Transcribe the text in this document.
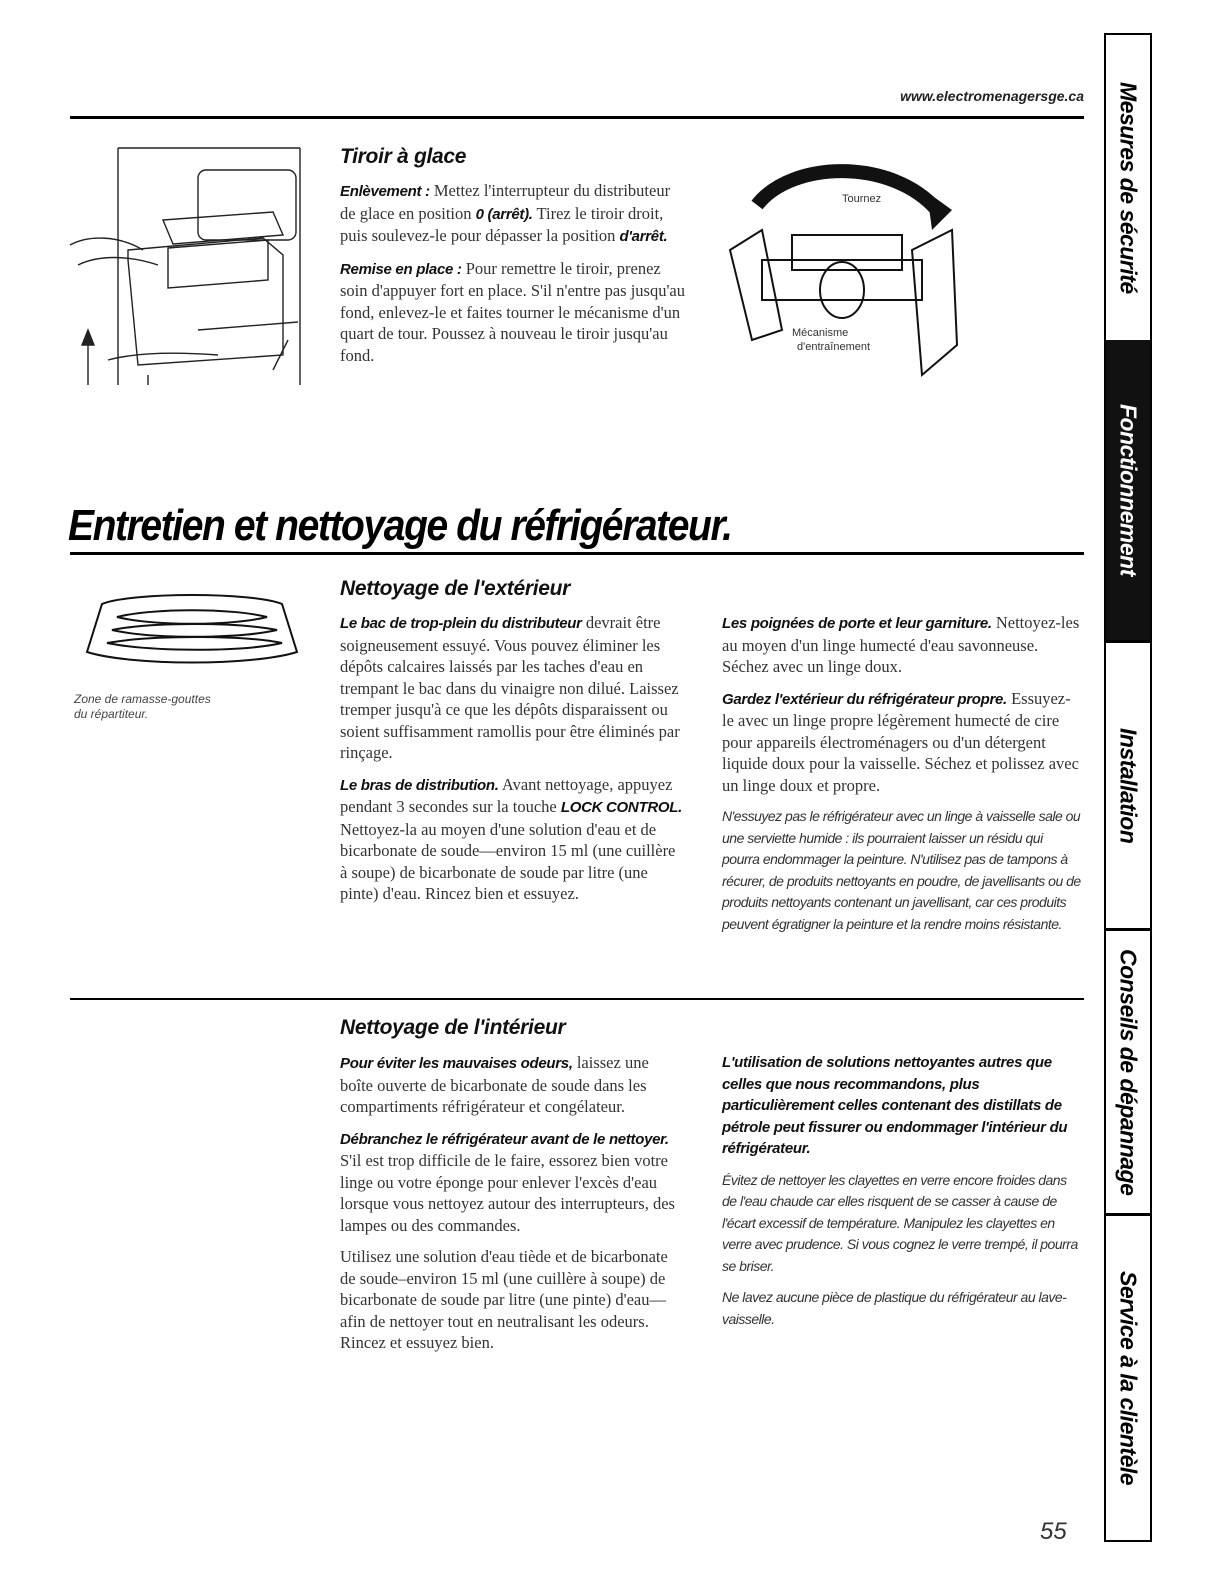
www.electromenagersge.ca
Tournez
Mécanisme
d'entraînement
Tiroir à glace

Enlèvement : Mettez l'interrupteur du distributeur de glace en position 0 (arrêt). Tirez le tiroir droit, puis soulevez-le pour dépasser la position d'arrêt.

Remise en place : Pour remettre le tiroir, prenez soin d'appuyer fort en place. S'il n'entre pas jusqu'au fond, enlevez-le et faites tourner le mécanisme d'un quart de tour. Poussez à nouveau le tiroir jusqu'au fond.

Entretien et nettoyage du réfrigérateur.
Zone de ramasse-gouttes
du répartiteur.
Nettoyage de l'extérieur

Le bac de trop-plein du distributeur devrait être soigneusement essuyé. Vous pouvez éliminer les dépôts calcaires laissés par les taches d'eau en trempant le bac dans du vinaigre non dilué. Laissez tremper jusqu'à ce que les dépôts disparaissent ou soient suffisamment ramollis pour être éliminés par rinçage.

Le bras de distribution. Avant nettoyage, appuyez pendant 3 secondes sur la touche LOCK CONTROL. Nettoyez-la au moyen d'une solution d'eau et de bicarbonate de soude—environ 15 ml (une cuillère à soupe) de bicarbonate de soude par litre (une pinte) d'eau. Rincez bien et essuyez.

Les poignées de porte et leur garniture. Nettoyez-les au moyen d'un linge humecté d'eau savonneuse. Séchez avec un linge doux.

Gardez l'extérieur du réfrigérateur propre. Essuyez-le avec un linge propre légèrement humecté de cire pour appareils électroménagers ou d'un détergent liquide doux pour la vaisselle. Séchez et polissez avec un linge doux et propre.

N'essuyez pas le réfrigérateur avec un linge à vaisselle sale ou une serviette humide : ils pourraient laisser un résidu qui pourra endommager la peinture. N'utilisez pas de tampons à récurer, de produits nettoyants en poudre, de javellisants ou de produits nettoyants contenant un javellisant, car ces produits peuvent égratigner la peinture et la rendre moins résistante.

Nettoyage de l'intérieur

Pour éviter les mauvaises odeurs, laissez une boîte ouverte de bicarbonate de soude dans les compartiments réfrigérateur et congélateur.

Débranchez le réfrigérateur avant de le nettoyer. S'il est trop difficile de le faire, essorez bien votre linge ou votre éponge pour enlever l'excès d'eau lorsque vous nettoyez autour des interrupteurs, des lampes ou des commandes.

Utilisez une solution d'eau tiède et de bicarbonate de soude–environ 15 ml (une cuillère à soupe) de bicarbonate de soude par litre (une pinte) d'eau—afin de nettoyer tout en neutralisant les odeurs. Rincez et essuyez bien.

L'utilisation de solutions nettoyantes autres que celles que nous recommandons, plus particulièrement celles contenant des distillats de pétrole peut fissurer ou endommager l'intérieur du réfrigérateur.

Évitez de nettoyer les clayettes en verre encore froides dans de l'eau chaude car elles risquent de se casser à cause de l'écart excessif de température. Manipulez les clayettes en verre avec prudence. Si vous cognez le verre trempé, il pourra se briser.

Ne lavez aucune pièce de plastique du réfrigérateur au lave-vaisselle.

55
Mesures de sécurité
Fonctionnement
Installation
Conseils de dépannage
Service à la clientèle
